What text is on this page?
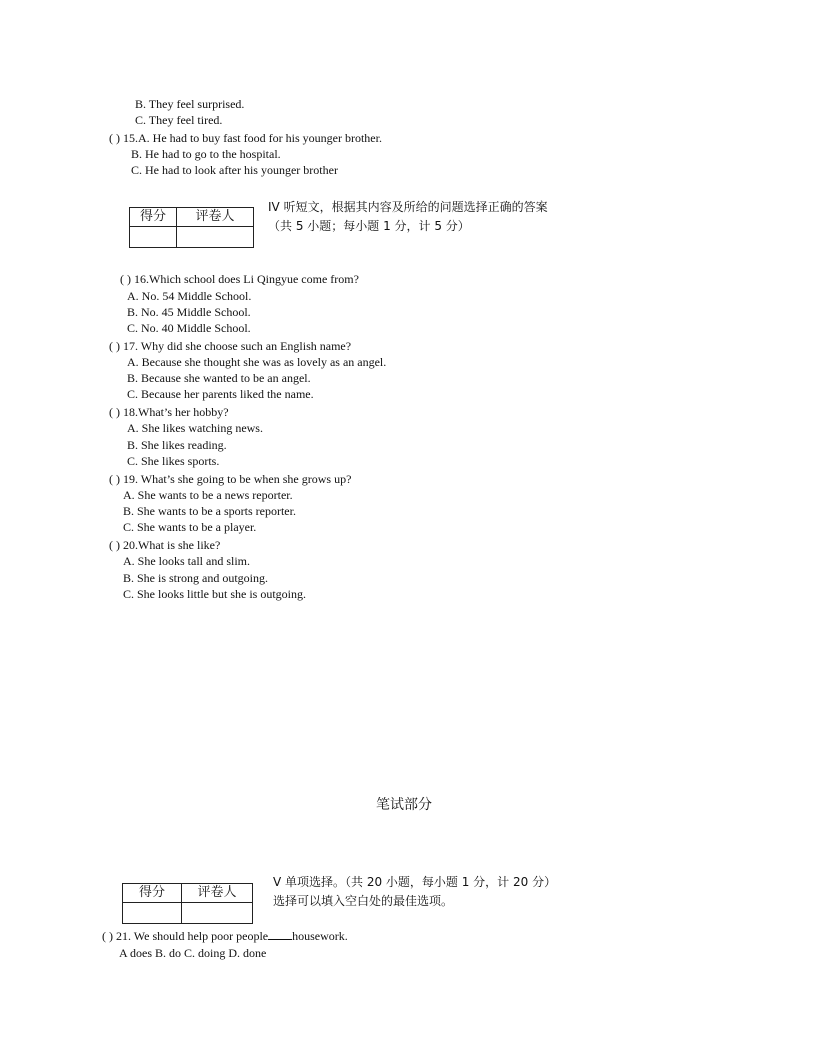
B. They feel surprised.
C. They feel tired.
( ) 15.A. He had to buy fast food for his younger brother.
B. He had to go to the hospital.
C. He had to look after his younger brother
得分	评卷人

IV 听短文，根据其内容及所给的问题选择正确的答案
（共 5 小题；每小题 1 分，计 5 分）
( ) 16.Which school does Li Qingyue come from?
A. No. 54 Middle School.
B. No. 45 Middle School.
C. No. 40 Middle School.
( ) 17. Why did she choose such an English name?
A. Because she thought she was as lovely as an angel.
B. Because she wanted to be an angel.
C. Because her parents liked the name.
( ) 18.What’s her hobby?
A. She likes watching news.
B. She likes reading.
C. She likes sports.
( ) 19. What’s she going to be when she grows up?
A. She wants to be a news reporter.
B. She wants to be a sports reporter.
C. She wants to be a player.
( ) 20.What is she like?
A. She looks tall and slim.
B. She is strong and outgoing.
C. She looks little but she is outgoing.
笔试部分
得分	评卷人

V 单项选择。（共 20 小题，每小题 1 分，计 20 分）
选择可以填入空白处的最佳选项。
( ) 21. We should help poor people housework.
A does B. do C. doing D. done
